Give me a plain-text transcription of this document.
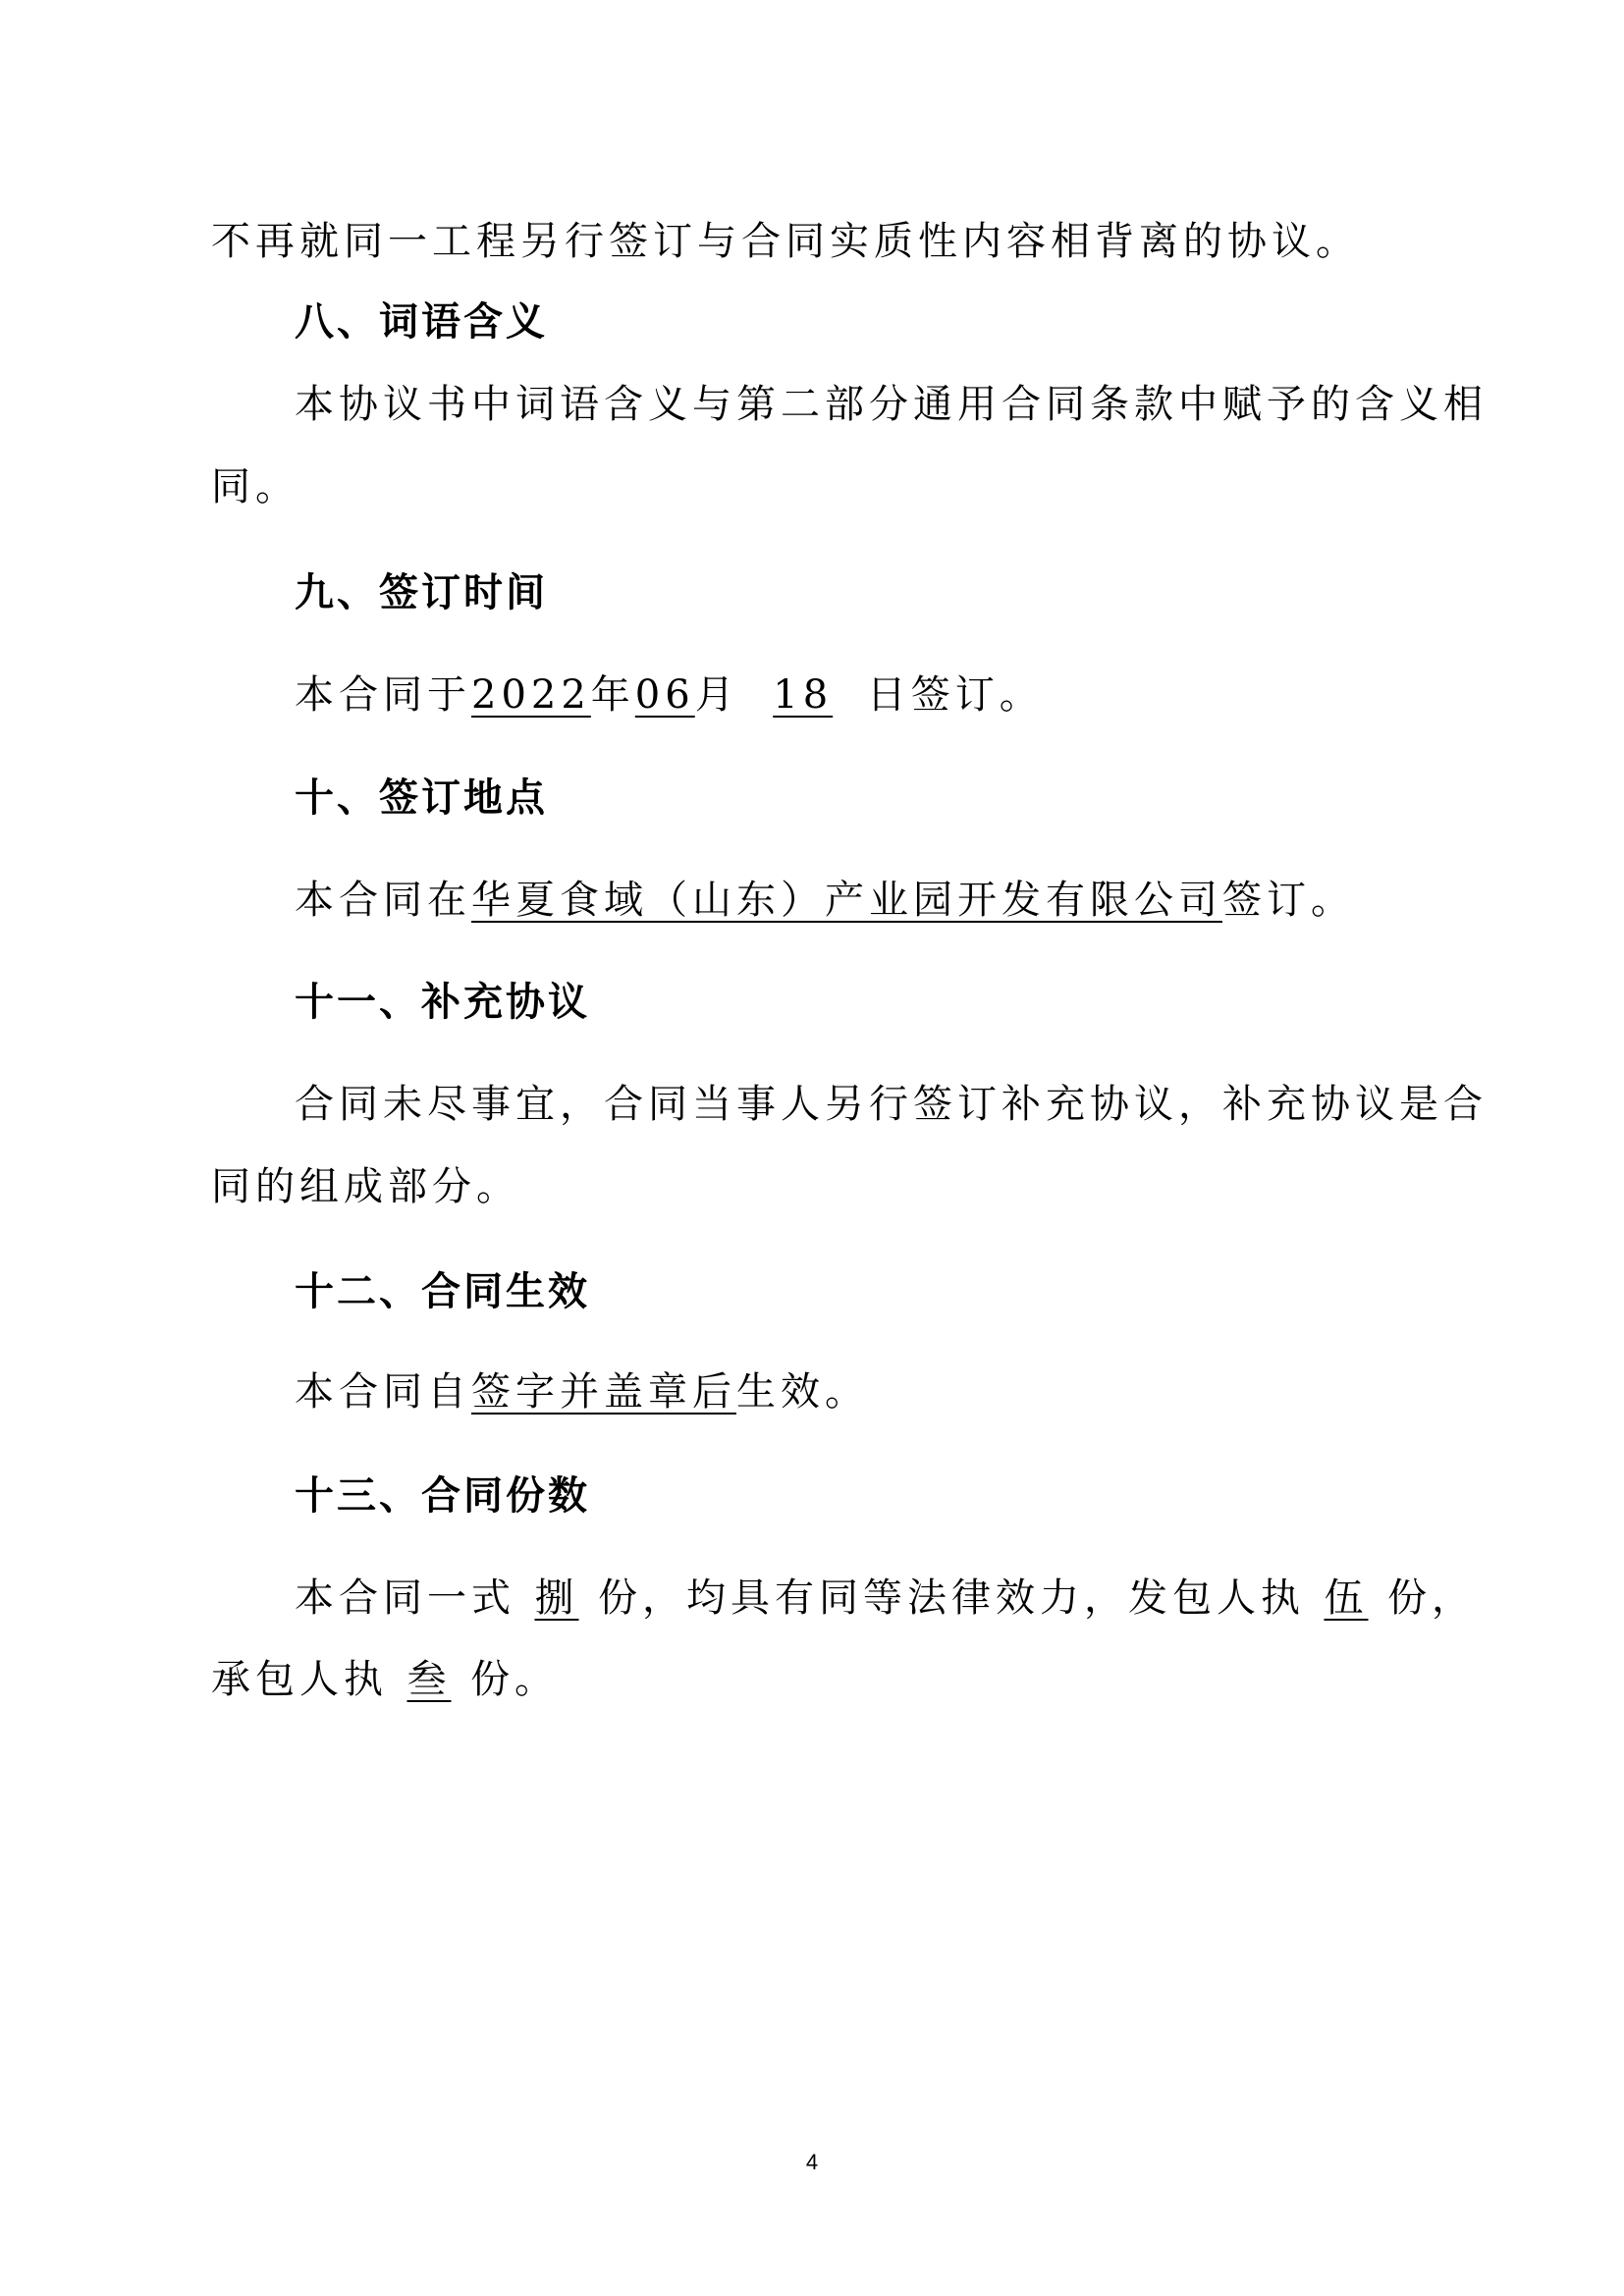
不再就同一工程另行签订与合同实质性内容相背离的协议。
八、词语含义
本协议书中词语含义与第二部分通用合同条款中赋予的含义相
同。
九、签订时间
本合同于2022年06月 18 日签订。
十、签订地点
本合同在华夏食域（山东）产业园开发有限公司签订。
十一、补充协议
合同未尽事宜，合同当事人另行签订补充协议，补充协议是合
同的组成部分。
十二、合同生效
本合同自签字并盖章后生效。
十三、合同份数
本合同一式 捌 份，均具有同等法律效力，发包人执 伍 份，
承包人执 叁 份。
4
